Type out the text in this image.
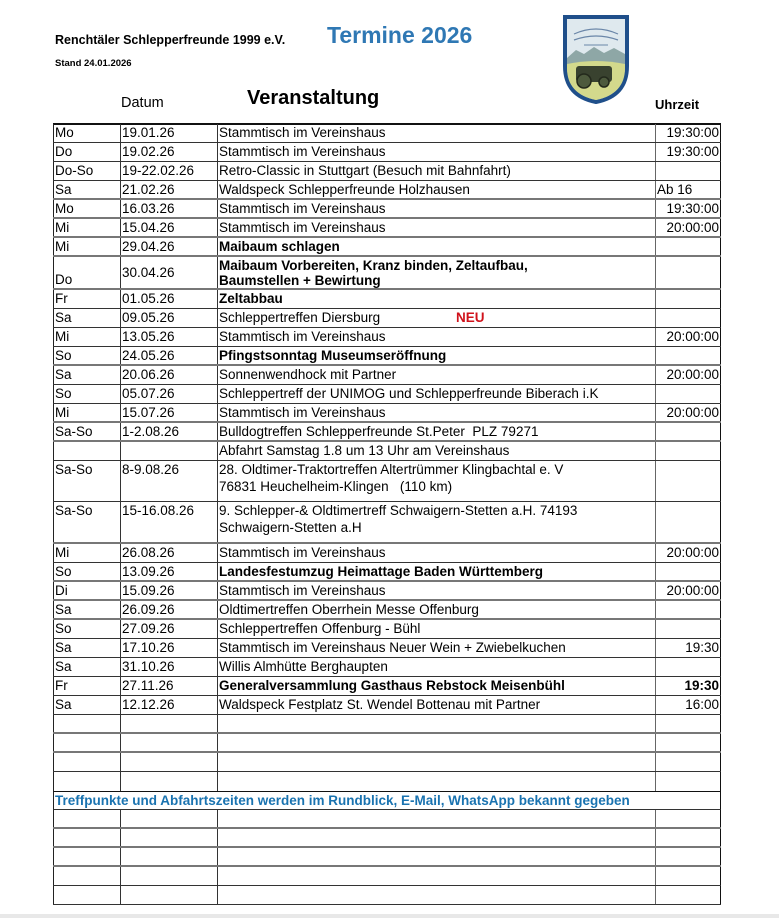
Renchtäler Schlepperfreunde 1999 e.V.
Stand 24.01.2026
Termine 2026
Datum	Veranstaltung	Uhrzeit
Mo	19.01.26	Stammtisch im Vereinshaus	19:30:00
Do	19.02.26	Stammtisch im Vereinshaus	19:30:00
Do-So	19-22.02.26	Retro-Classic in Stuttgart (Besuch mit Bahnfahrt)
Sa	21.02.26	Waldspeck Schlepperfreunde Holzhausen	Ab 16
Mo	16.03.26	Stammtisch im Vereinshaus	19:30:00
Mi	15.04.26	Stammtisch im Vereinshaus	20:00:00
Mi	29.04.26	Maibaum schlagen
Do	30.04.26	Maibaum Vorbereiten, Kranz binden, Zeltaufbau, Baumstellen + Bewirtung
Fr	01.05.26	Zeltabbau
Sa	09.05.26	Schleppertreffen Diersburg	NEU
Mi	13.05.26	Stammtisch im Vereinshaus	20:00:00
So	24.05.26	Pfingstsonntag Museumseröffnung
Sa	20.06.26	Sonnenwendhock mit Partner	20:00:00
So	05.07.26	Schleppertreff der UNIMOG und Schlepperfreunde Biberach i.K
Mi	15.07.26	Stammtisch im Vereinshaus	20:00:00
Sa-So	1-2.08.26	Bulldogtreffen Schlepperfreunde St.Peter  PLZ 79271
Abfahrt Samstag 1.8 um 13 Uhr am Vereinshaus
Sa-So	8-9.08.26	28. Oldtimer-Traktortreffen Altertrümmer Klingbachtal e. V
76831 Heuchelheim-Klingen   (110 km)
Sa-So	15-16.08.26	9. Schlepper-& Oldtimertreff Schwaigern-Stetten a.H. 74193
Schwaigern-Stetten a.H
Mi	26.08.26	Stammtisch im Vereinshaus	20:00:00
So	13.09.26	Landesfestumzug Heimattage Baden Württemberg
Di	15.09.26	Stammtisch im Vereinshaus	20:00:00
Sa	26.09.26	Oldtimertreffen Oberrhein Messe Offenburg
So	27.09.26	Schleppertreffen Offenburg - Bühl
Sa	17.10.26	Stammtisch im Vereinshaus Neuer Wein + Zwiebelkuchen	19:30
Sa	31.10.26	Willis Almhütte Berghaupten
Fr	27.11.26	Generalversammlung Gasthaus Rebstock Meisenbühl	19:30
Sa	12.12.26	Waldspeck Festplatz St. Wendel Bottenau mit Partner	16:00
Treffpunkte und Abfahrtszeiten werden im Rundblick, E-Mail, WhatsApp bekannt gegeben
